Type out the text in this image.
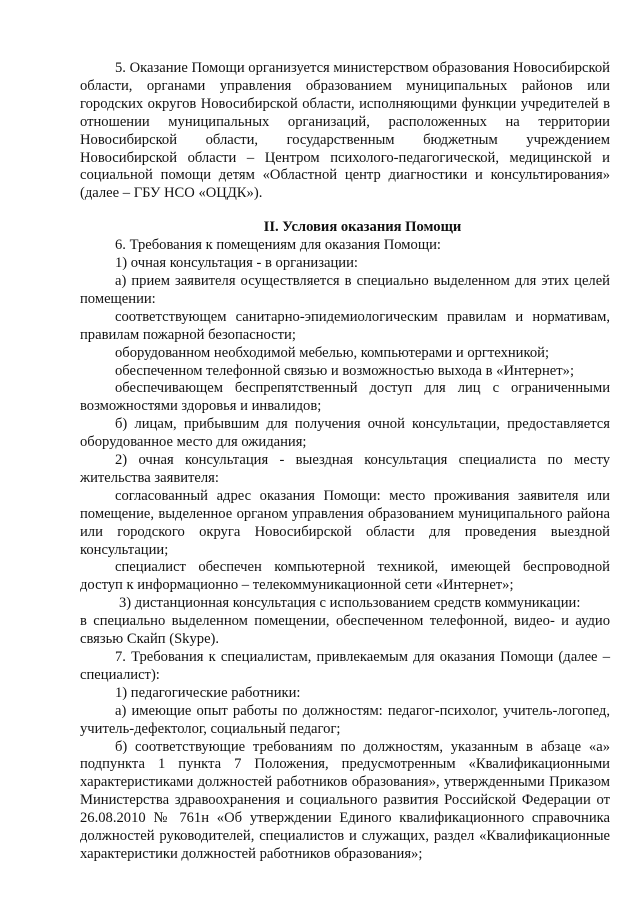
5. Оказание Помощи организуется министерством образования Новосибирской области, органами управления образованием муниципальных районов или городских округов Новосибирской области, исполняющими функции учредителей в отношении муниципальных организаций, расположенных на территории Новосибирской области, государственным бюджетным учреждением Новосибирской области – Центром психолого-педагогической, медицинской и социальной помощи детям «Областной центр диагностики и консультирования» (далее – ГБУ НСО «ОЦДК»).

II. Условия оказания Помощи

6. Требования к помещениям для оказания Помощи:

1) очная консультация - в организации:

а) прием заявителя осуществляется в специально выделенном для этих целей помещении:

соответствующем санитарно-эпидемиологическим правилам и нормативам, правилам пожарной безопасности;

оборудованном необходимой мебелью, компьютерами и оргтехникой;

обеспеченном телефонной связью и возможностью выхода в «Интернет»;

обеспечивающем беспрепятственный доступ для лиц с ограниченными возможностями здоровья и инвалидов;

б) лицам, прибывшим для получения очной консультации, предоставляется оборудованное место для ожидания;

2) очная консультация - выездная консультация специалиста по месту жительства заявителя:

согласованный адрес оказания Помощи: место проживания заявителя или помещение, выделенное органом управления образованием муниципального района или городского округа Новосибирской области для проведения выездной консультации;

специалист обеспечен компьютерной техникой, имеющей беспроводной доступ к информационно – телекоммуникационной сети «Интернет»;

3) дистанционная консультация с использованием средств коммуникации:

в специально выделенном помещении, обеспеченном телефонной, видео- и аудио связью Скайп (Skype).

7. Требования к специалистам, привлекаемым для оказания Помощи (далее – специалист):

1) педагогические работники:

а) имеющие опыт работы по должностям: педагог-психолог, учитель-логопед, учитель-дефектолог, социальный педагог;

б) соответствующие требованиям по должностям, указанным в абзаце «а» подпункта 1 пункта 7 Положения, предусмотренным «Квалификационными характеристиками должностей работников образования», утвержденными Приказом Министерства здравоохранения и социального развития Российской Федерации от 26.08.2010 № 761н «Об утверждении Единого квалификационного справочника должностей руководителей, специалистов и служащих, раздел «Квалификационные характеристики должностей работников образования»;
